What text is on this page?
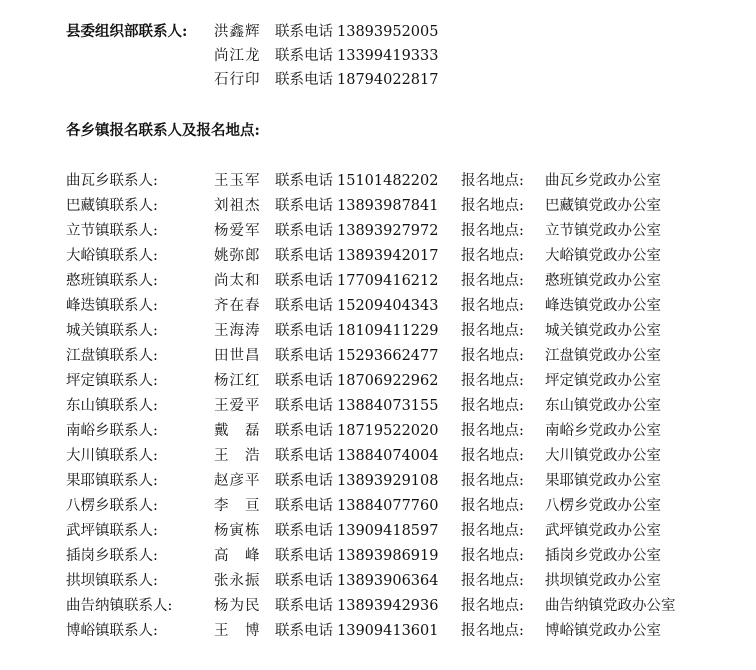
县委组织部联系人: 洪鑫辉 联系电话 13893952005
尚江龙 联系电话 13399419333
石行印 联系电话 18794022817
各乡镇报名联系人及报名地点:
曲瓦乡联系人:	王玉军 联系电话 15101482202 报名地点: 曲瓦乡党政办公室
巴藏镇联系人:	刘祖杰 联系电话 13893987841 报名地点: 巴藏镇党政办公室
立节镇联系人:	杨爱军 联系电话 13893927972 报名地点: 立节镇党政办公室
大峪镇联系人:	姚弥郎 联系电话 13893942017 报名地点: 大峪镇党政办公室
憨班镇联系人:	尚太和 联系电话 17709416212 报名地点: 憨班镇党政办公室
峰迭镇联系人:	齐在春 联系电话 15209404343 报名地点: 峰迭镇党政办公室
城关镇联系人:	王海涛 联系电话 18109411229 报名地点: 城关镇党政办公室
江盘镇联系人:	田世昌 联系电话 15293662477 报名地点: 江盘镇党政办公室
坪定镇联系人:	杨江红 联系电话 18706922962 报名地点: 坪定镇党政办公室
东山镇联系人:	王爱平 联系电话 13884073155 报名地点: 东山镇党政办公室
南峪乡联系人:	戴　磊 联系电话 18719522020 报名地点: 南峪乡党政办公室
大川镇联系人:	王　浩 联系电话 13884074004 报名地点: 大川镇党政办公室
果耶镇联系人:	赵彦平 联系电话 13893929108 报名地点: 果耶镇党政办公室
八楞乡联系人:	李　亘 联系电话 13884077760 报名地点: 八楞乡党政办公室
武坪镇联系人:	杨寅栋 联系电话 13909418597 报名地点: 武坪镇党政办公室
插岗乡联系人:	高　峰 联系电话 13893986919 报名地点: 插岗乡党政办公室
拱坝镇联系人:	张永振 联系电话 13893906364 报名地点: 拱坝镇党政办公室
曲告纳镇联系人:	杨为民 联系电话 13893942936 报名地点: 曲告纳镇党政办公室
博峪镇联系人:	王　博 联系电话 13909413601 报名地点: 博峪镇党政办公室
